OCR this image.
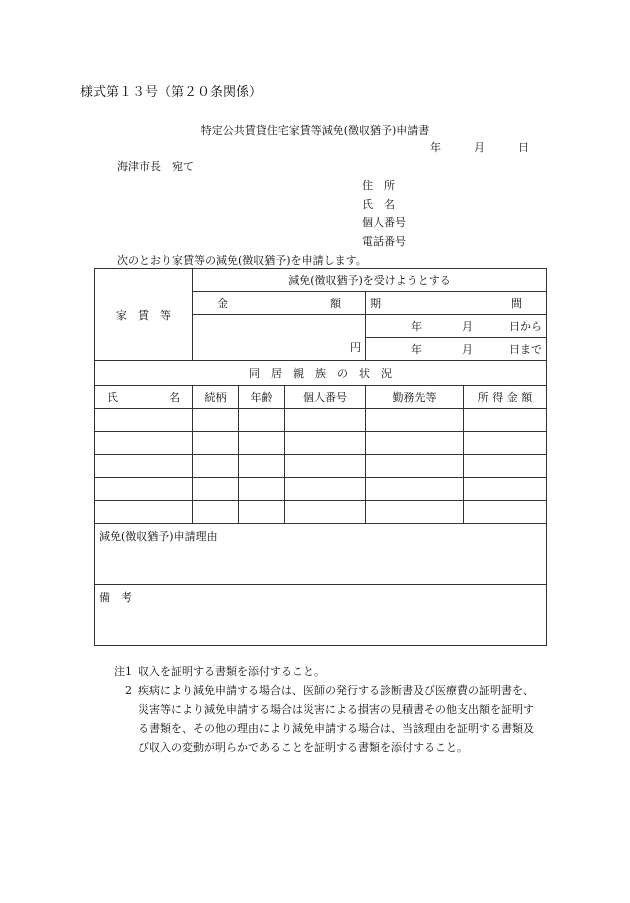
様式第１３号（第２０条関係）
特定公共賃貸住宅家賃等減免(徴収猶予)申請書
年	月	日
海津市長　宛て
住　所
氏　名
個人番号
電話番号
次のとおり家賃等の減免(徴収猶予)を申請します。
家　賃　等	減免(徴収猶予)を受けようとする				

	金 額			期 間	

	円			年 月 日から	

				年 月 日まで	

同　居　親　族　の　状　況					

氏 名	続柄	年齢	個人番号	勤務先等	所 得 金 額

減免(徴収猶予)申請理由					
備　考					
注1 収入を証明する書類を添付すること。
2 疾病により減免申請する場合は、医師の発行する診断書及び医療費の証明書を、災害等により減免申請する場合は災害による損害の見積書その他支出額を証明する書類を、その他の理由により減免申請する場合は、当該理由を証明する書類及び収入の変動が明らかであることを証明する書類を添付すること。
